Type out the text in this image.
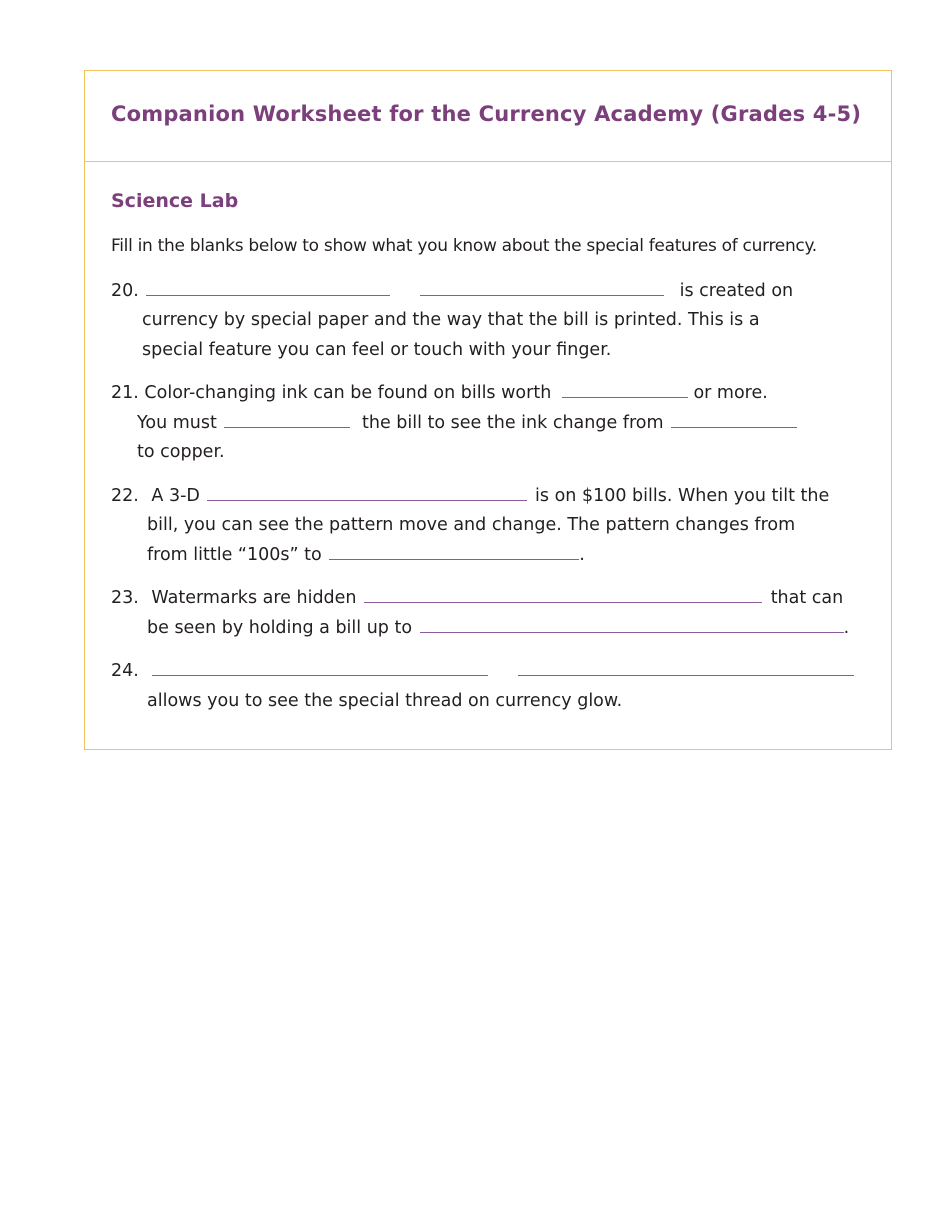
Companion Worksheet for the Currency Academy (Grades 4-5)
Science Lab

Fill in the blanks below to show what you know about the special features of currency.

20.	is created on
currency by special paper and the way that the bill is printed. This is a
special feature you can feel or touch with your finger.
21. Color-changing ink can be found on bills worth	or more.
You must	the bill to see the ink change from
to copper.
22. A 3-D	is on $100 bills. When you tilt the
bill, you can see the pattern move and change. The pattern changes from
from little “100s” to	.
23. Watermarks are hidden	that can
be seen by holding a bill up to	.
24.
allows you to see the special thread on currency glow.
